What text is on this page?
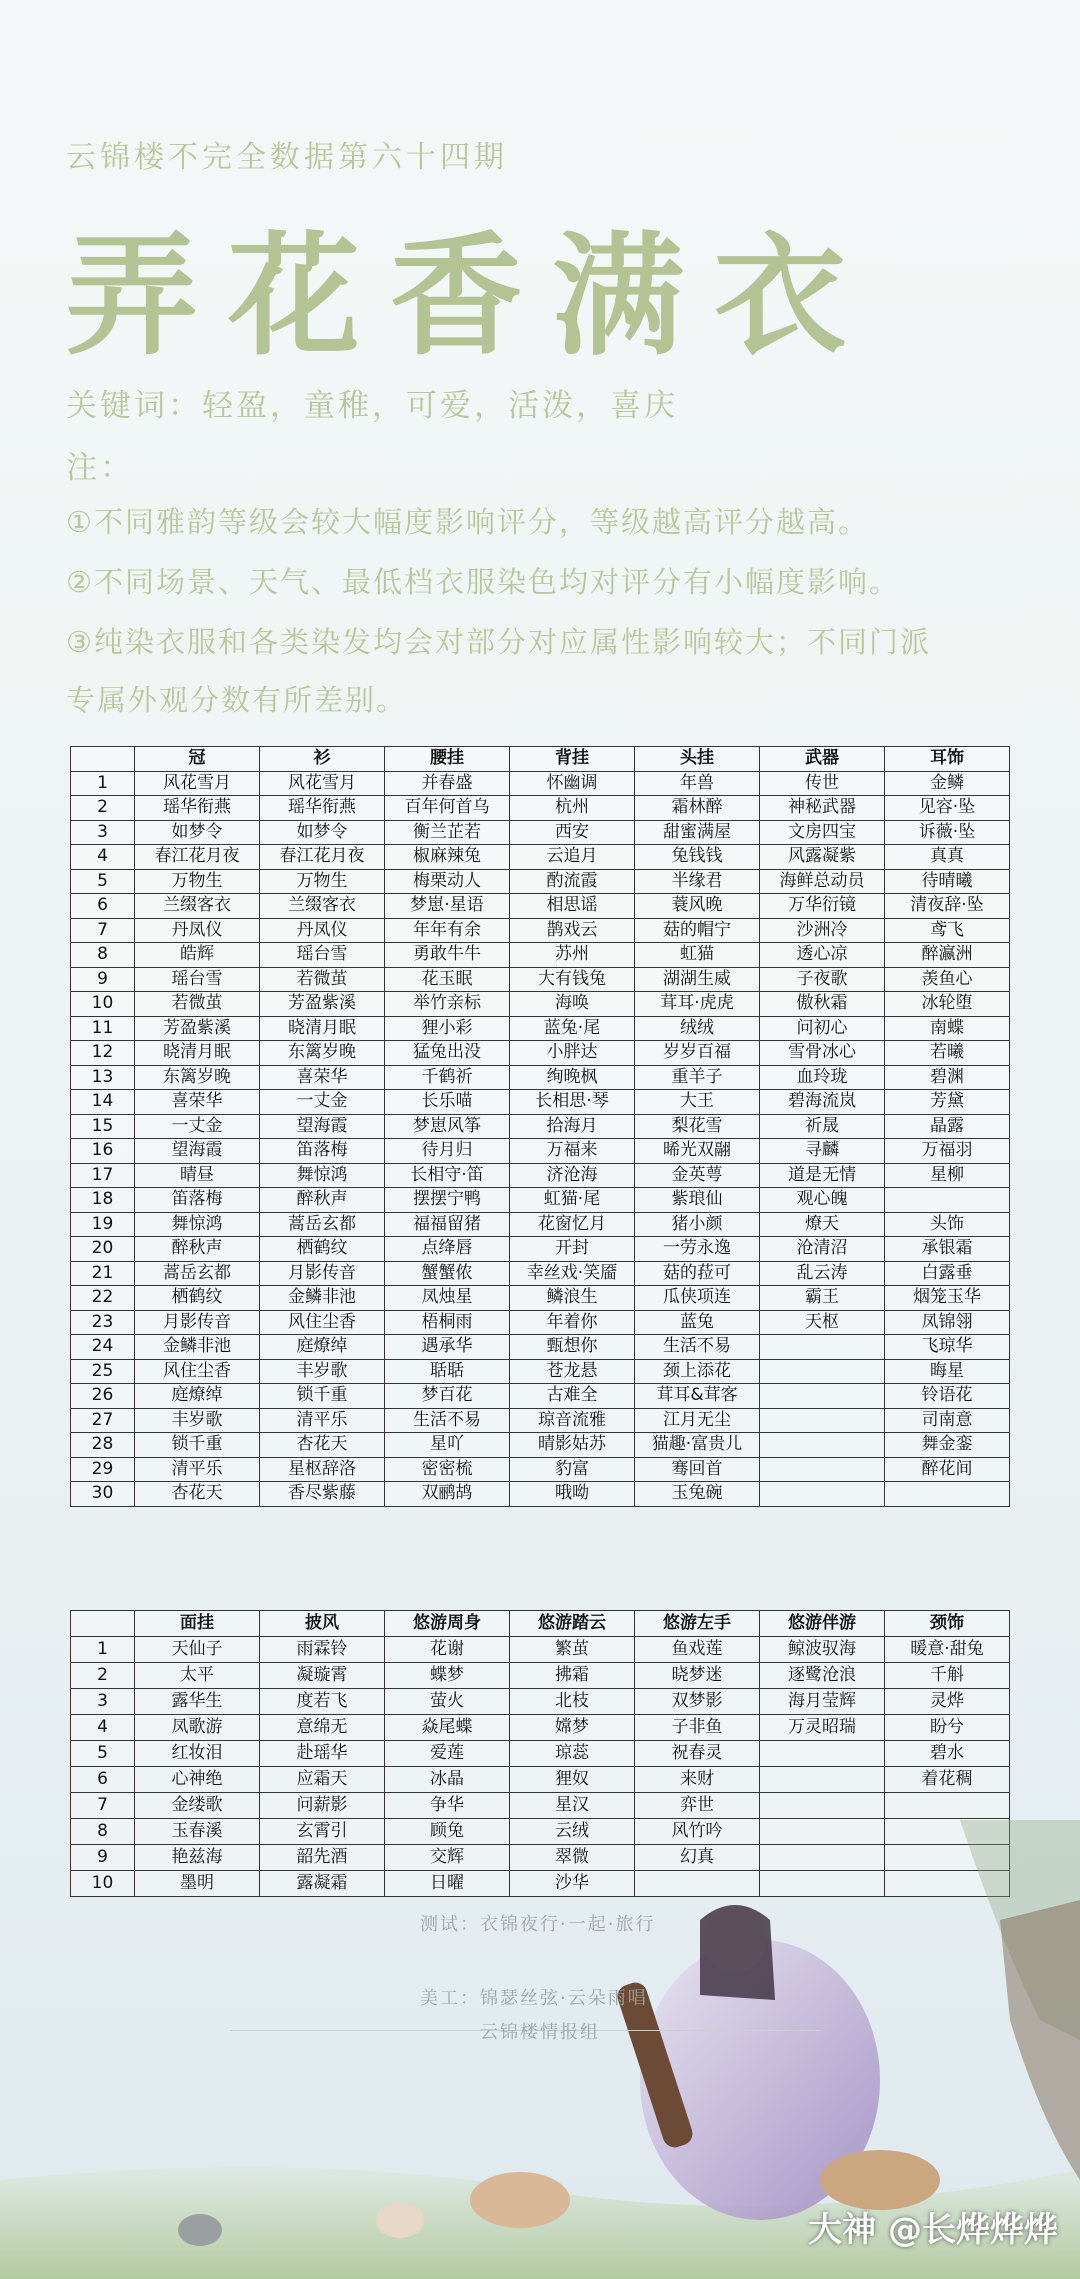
云锦楼不完全数据第六十四期
弄花香满衣
关键词：轻盈，童稚，可爱，活泼，喜庆
注：
①不同雅韵等级会较大幅度影响评分，等级越高评分越高。
②不同场景、天气、最低档衣服染色均对评分有小幅度影响。
③纯染衣服和各类染发均会对部分对应属性影响较大；不同门派
专属外观分数有所差别。
	冠	衫	腰挂	背挂	头挂	武器	耳饰
1	风花雪月	风花雪月	并春盛	怀幽调	年兽	传世	金鳞
2	瑶华衔燕	瑶华衔燕	百年何首乌	杭州	霜林醉	神秘武器	见容·坠
3	如梦令	如梦令	衡兰芷若	西安	甜蜜满屋	文房四宝	诉薇·坠
4	春江花月夜	春江花月夜	椒麻辣兔	云追月	兔钱钱	风露凝紫	真真
5	万物生	万物生	梅栗动人	酌流霞	半缘君	海鲜总动员	待晴曦
6	兰缀客衣	兰缀客衣	梦崽·星语	相思谣	蓑风晚	万华衍镜	清夜辞·坠
7	丹凤仪	丹凤仪	年年有余	鹊戏云	菇的帽宁	沙洲冷	鸢飞
8	皓辉	瑶台雪	勇敢牛牛	苏州	虹猫	透心凉	醉瀛洲
9	瑶台雪	若微茧	花玉眠	大有钱兔	湖湖生威	子夜歌	羡鱼心
10	若微茧	芳盈紫溪	举竹亲标	海唤	茸耳·虎虎	傲秋霜	冰轮堕
11	芳盈紫溪	晓清月眠	狸小彩	蓝兔·尾	绒绒	问初心	南蝶
12	晓清月眠	东篱岁晚	猛兔出没	小胖达	岁岁百福	雪骨冰心	若曦
13	东篱岁晚	喜荣华	千鹤祈	绚晚枫	重羊子	血玲珑	碧渊
14	喜荣华	一丈金	长乐喵	长相思·琴	大王	碧海流岚	芳黛
15	一丈金	望海霞	梦崽风筝	拾海月	梨花雪	祈晟	晶露
16	望海霞	笛落梅	待月归	万福来	晞光双翮	寻麟	万福羽
17	晴昼	舞惊鸿	长相守·笛	济沧海	金英萼	道是无情	星柳
18	笛落梅	醉秋声	摆摆宁鸭	虹猫·尾	紫琅仙	观心魄	
19	舞惊鸿	蒿岳玄都	福福留猪	花窗忆月	猪小颜	燎天	头饰
20	醉秋声	栖鹤纹	点绛唇	开封	一劳永逸	沧清沼	承银霜
21	蒿岳玄都	月影传音	蟹蟹侬	幸丝戏·笑靥	菇的菈可	乱云涛	白露垂
22	栖鹤纹	金鳞非池	凤烛星	鳞浪生	瓜侠项连	霸王	烟笼玉华
23	月影传音	风住尘香	梧桐雨	年着你	蓝兔	天枢	凤锦翎
24	金鳞非池	庭燎绰	遇承华	甄想你	生活不易		飞琼华
25	风住尘香	丰岁歌	聒聒	苍龙悬	颈上添花		晦星
26	庭燎绰	锁千重	梦百花	古难全	茸耳&茸客		铃语花
27	丰岁歌	清平乐	生活不易	琼音流雅	江月无尘		司南意
28	锁千重	杏花天	星吖	晴影姑苏	猫趣·富贵儿		舞金銮
29	清平乐	星枢辞洛	密密梳	豹富	骞回首		醉花间
30	杏花天	香尽紫藤	双鹂鸪	哦呦	玉兔碗		
	面挂	披风	悠游周身	悠游踏云	悠游左手	悠游伴游	颈饰
1	天仙子	雨霖铃	花谢	繁茧	鱼戏莲	鲸波驭海	暖意·甜兔
2	太平	凝璇霄	蝶梦	拂霜	晓梦迷	逐鹭沧浪	千斛
3	露华生	度若飞	萤火	北枝	双梦影	海月莹辉	灵烨
4	凤歌游	意绵无	焱尾蝶	嫦梦	子非鱼	万灵昭瑞	盼兮
5	红妆泪	赴瑶华	爱莲	琼蕊	祝春灵		碧水
6	心神绝	应霜天	冰晶	狸奴	来财		着花稠
7	金缕歌	问薪影	争华	星汉	弈世		
8	玉春溪	玄霄引	顾兔	云绒	风竹吟		
9	艳兹海	韶先酒	交辉	翠微	幻真		
10	墨明	露凝霜	日曜	沙华			
测试：衣锦夜行·一起·旅行
美工：锦瑟丝弦·云朵雨唱
云锦楼情报组
大神 @长烨烨烨
